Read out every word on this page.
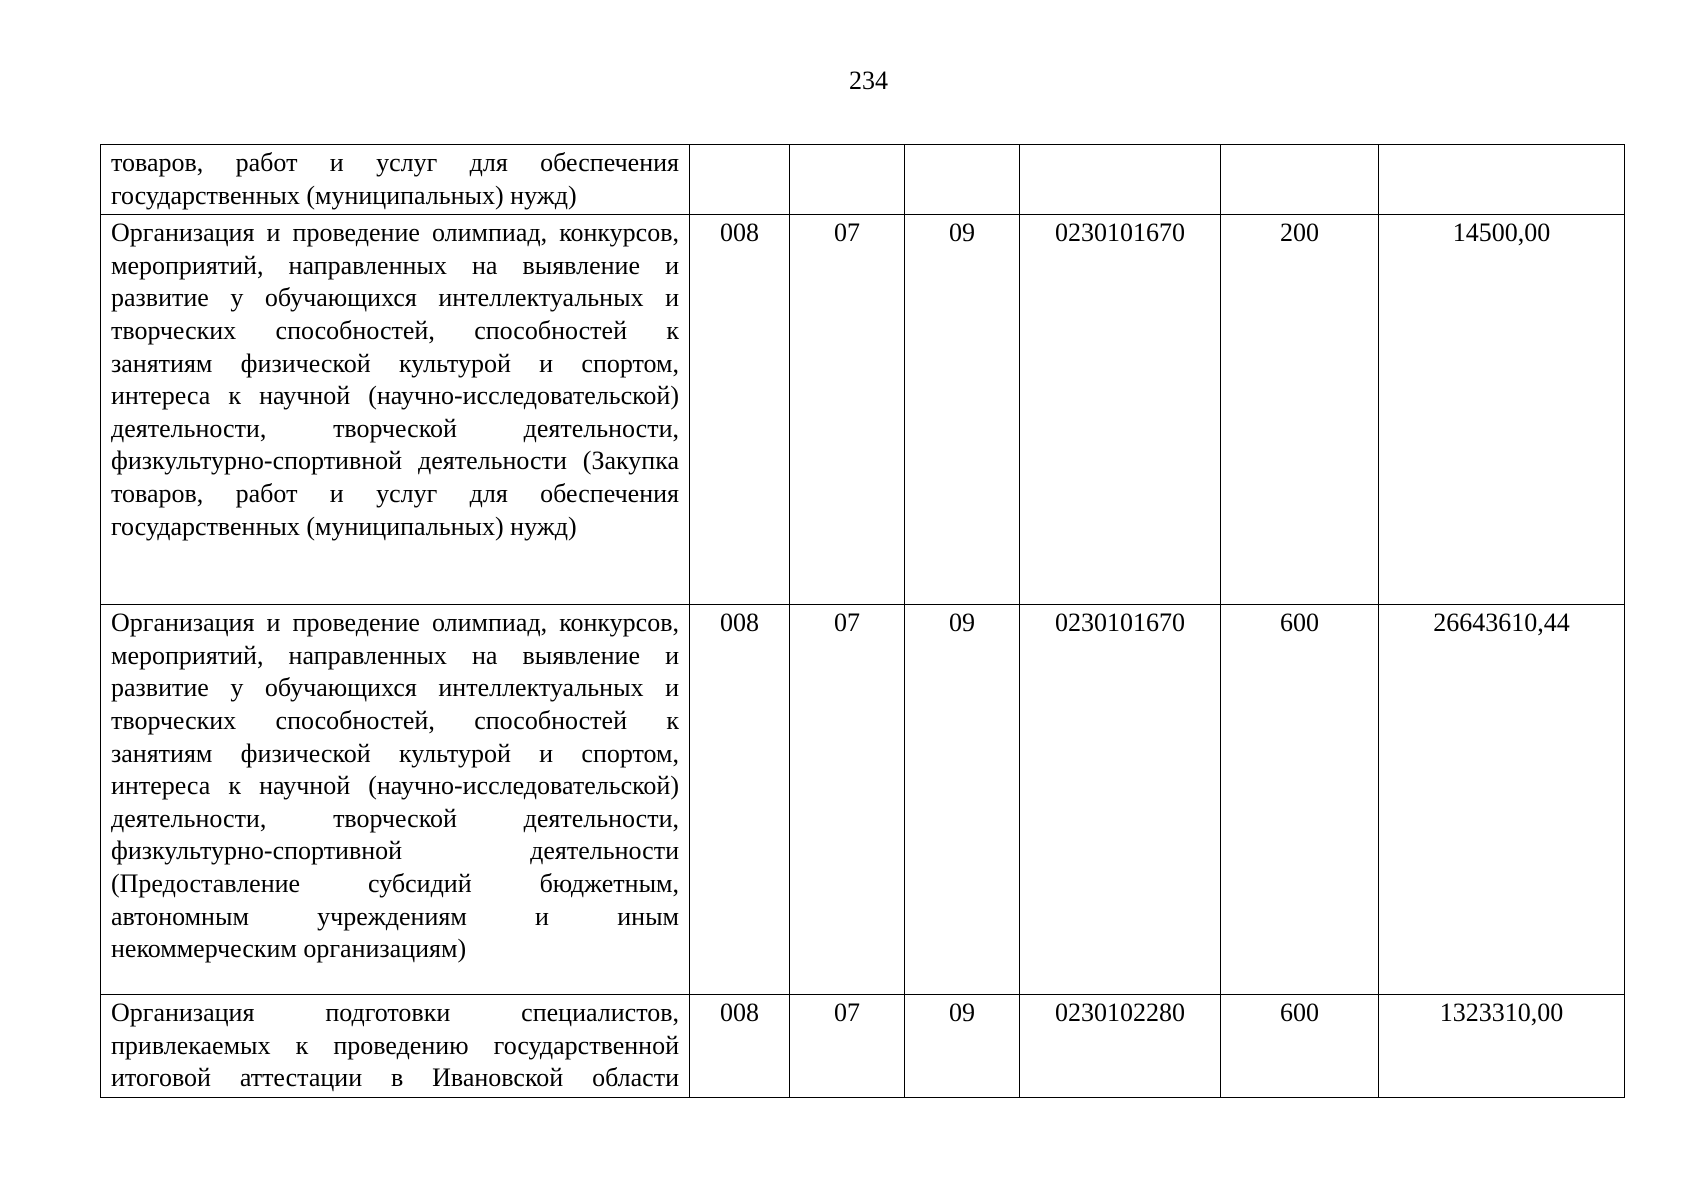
234
товаров, работ и услуг для обеспечения государственных (муниципальных) нужд)						
Организация и проведение олимпиад, конкурсов, мероприятий, направленных на выявление и развитие у обучающихся интеллектуальных и творческих способностей, способностей к занятиям физической культурой и спортом, интереса к научной (научно-исследовательской) деятельности, творческой деятельности, физкультурно-спортивной деятельности (Закупка товаров, работ и услуг для обеспечения государственных (муниципальных) нужд)	008	07	09	0230101670	200	14500,00
Организация и проведение олимпиад, конкурсов, мероприятий, направленных на выявление и развитие у обучающихся интеллектуальных и творческих способностей, способностей к занятиям физической культурой и спортом, интереса к научной (научно-исследовательской) деятельности, творческой деятельности, физкультурно-спортивной деятельности (Предоставление субсидий бюджетным, автономным учреждениям и иным некоммерческим организациям)	008	07	09	0230101670	600	26643610,44
Организация подготовки специалистов, привлекаемых к проведению государственной итоговой аттестации в Ивановской области	008	07	09	0230102280	600	1323310,00
